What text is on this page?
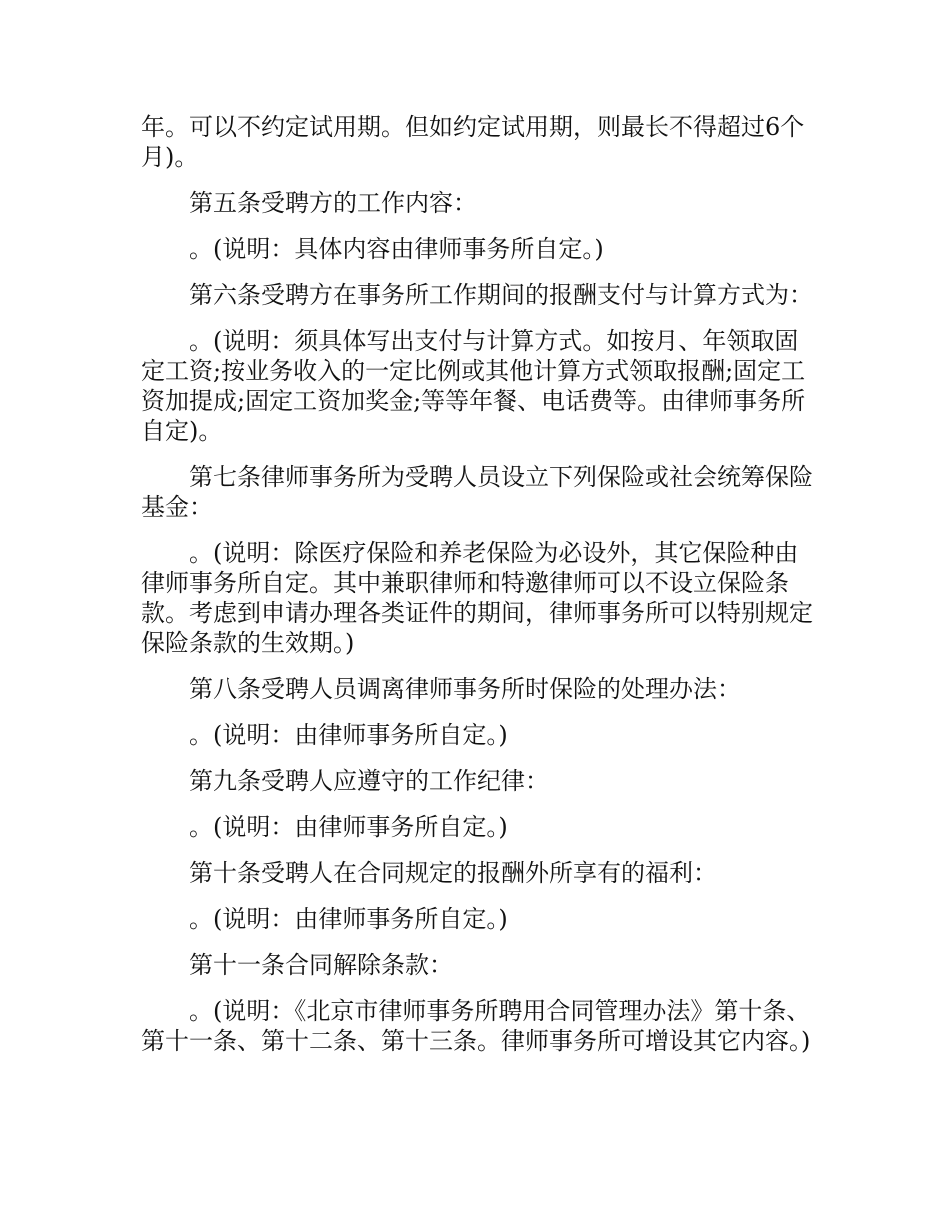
年。可以不约定试用期。但如约定试用期，则最长不得超过6个月)。

第五条受聘方的工作内容：

。(说明：具体内容由律师事务所自定。)

第六条受聘方在事务所工作期间的报酬支付与计算方式为：

。(说明：须具体写出支付与计算方式。如按月、年领取固定工资;按业务收入的一定比例或其他计算方式领取报酬;固定工资加提成;固定工资加奖金;等等年餐、电话费等。由律师事务所自定)。

第七条律师事务所为受聘人员设立下列保险或社会统筹保险基金：

。(说明：除医疗保险和养老保险为必设外，其它保险种由律师事务所自定。其中兼职律师和特邀律师可以不设立保险条款。考虑到申请办理各类证件的期间，律师事务所可以特别规定保险条款的生效期。)

第八条受聘人员调离律师事务所时保险的处理办法：

。(说明：由律师事务所自定。)

第九条受聘人应遵守的工作纪律：

。(说明：由律师事务所自定。)

第十条受聘人在合同规定的报酬外所享有的福利：

。(说明：由律师事务所自定。)

第十一条合同解除条款：

。(说明：《北京市律师事务所聘用合同管理办法》第十条、第十一条、第十二条、第十三条。律师事务所可增设其它内容。)
